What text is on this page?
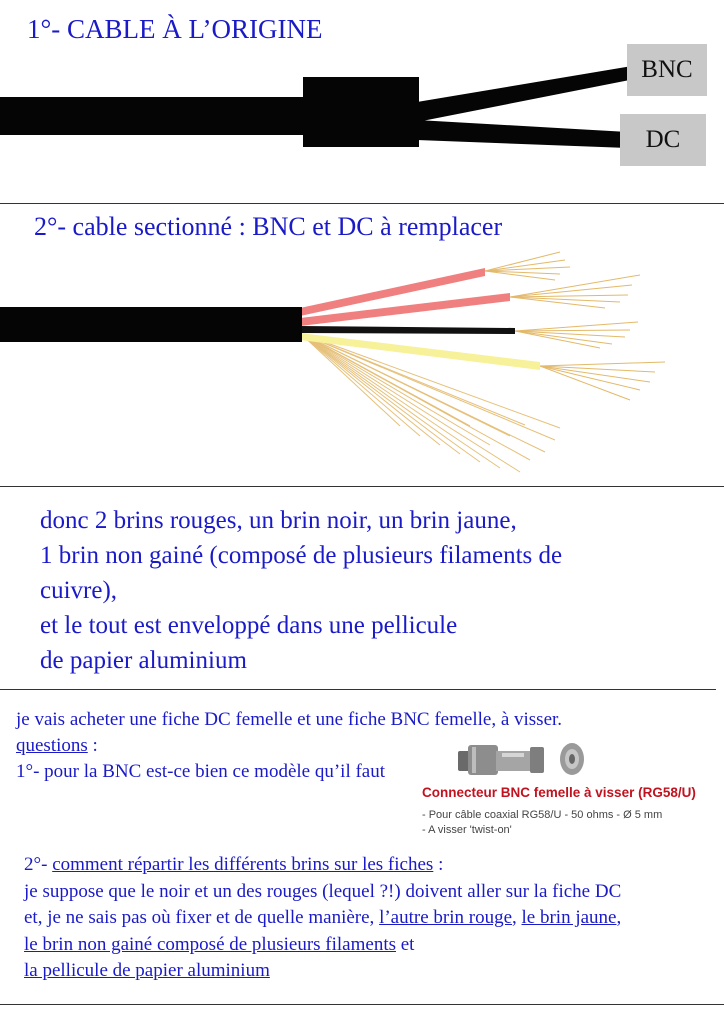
1°- CABLE À L’ORIGINE
BNC
DC
2°- cable sectionné : BNC et DC à remplacer
donc 2 brins rouges, un brin noir, un brin jaune,
1 brin non gainé (composé de plusieurs filaments de
cuivre),
et le tout est enveloppé dans une pellicule
de papier aluminium
je vais acheter une fiche DC femelle et une fiche BNC femelle, à visser.
questions :
1°- pour la BNC est-ce bien ce modèle qu’il faut
Connecteur BNC femelle à visser (RG58/U)
- Pour câble coaxial RG58/U - 50 ohms - Ø 5 mm
- A visser 'twist-on'
2°- comment répartir les différents brins sur les fiches :
je suppose que le noir et un des rouges (lequel ?!) doivent aller sur la fiche DC
et, je ne sais pas où fixer et de quelle manière, l’autre brin rouge, le brin jaune,
le brin non gainé composé de plusieurs filaments et
la pellicule de papier aluminium
